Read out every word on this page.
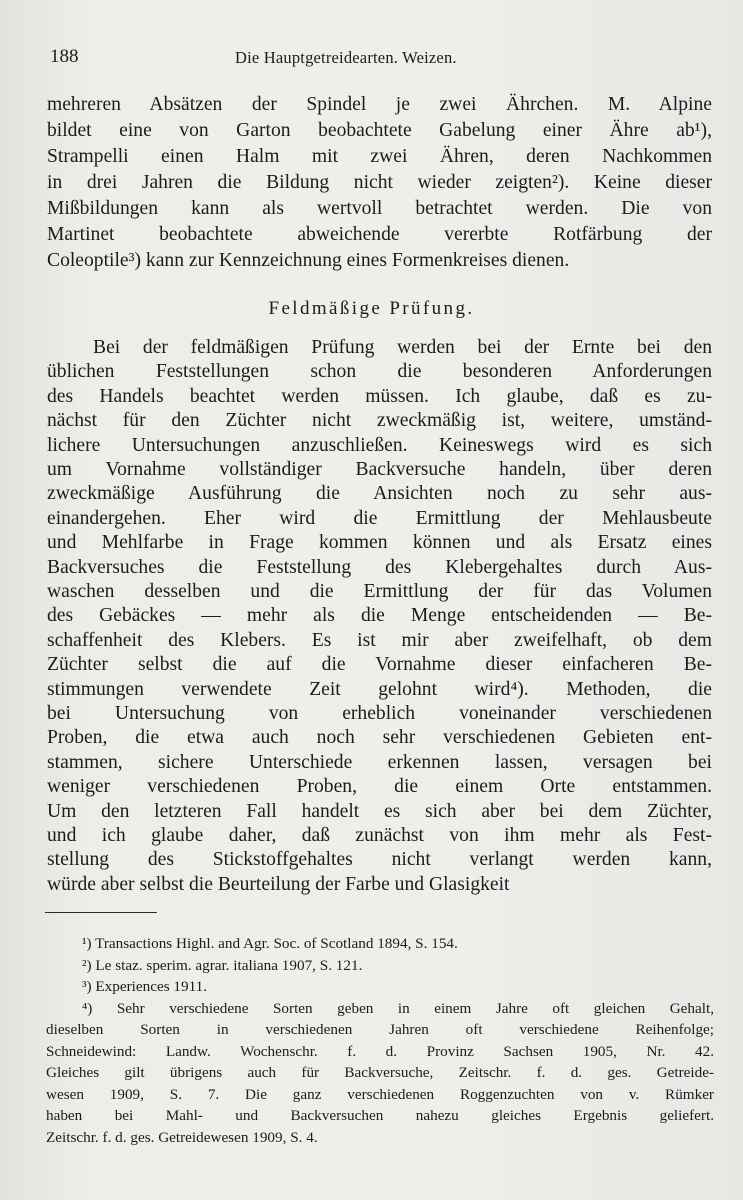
188	Die Hauptgetreidearten. Weizen.
mehreren Absätzen der Spindel je zwei Ährchen. M. Alpine
bildet eine von Garton beobachtete Gabelung einer Ähre ab¹),
Strampelli einen Halm mit zwei Ähren, deren Nachkommen
in drei Jahren die Bildung nicht wieder zeigten²). Keine dieser
Mißbildungen kann als wertvoll betrachtet werden. Die von
Martinet beobachtete abweichende vererbte Rotfärbung der
Coleoptile³) kann zur Kennzeichnung eines Formenkreises dienen.
Feldmäßige Prüfung.
Bei der feldmäßigen Prüfung werden bei der Ernte bei den
üblichen Feststellungen schon die besonderen Anforderungen
des Handels beachtet werden müssen. Ich glaube, daß es zu-
nächst für den Züchter nicht zweckmäßig ist, weitere, umständ-
lichere Untersuchungen anzuschließen. Keineswegs wird es sich
um Vornahme vollständiger Backversuche handeln, über deren
zweckmäßige Ausführung die Ansichten noch zu sehr aus-
einandergehen. Eher wird die Ermittlung der Mehlausbeute
und Mehlfarbe in Frage kommen können und als Ersatz eines
Backversuches die Feststellung des Klebergehaltes durch Aus-
waschen desselben und die Ermittlung der für das Volumen
des Gebäckes — mehr als die Menge entscheidenden — Be-
schaffenheit des Klebers. Es ist mir aber zweifelhaft, ob dem
Züchter selbst die auf die Vornahme dieser einfacheren Be-
stimmungen verwendete Zeit gelohnt wird⁴). Methoden, die
bei Untersuchung von erheblich voneinander verschiedenen
Proben, die etwa auch noch sehr verschiedenen Gebieten ent-
stammen, sichere Unterschiede erkennen lassen, versagen bei
weniger verschiedenen Proben, die einem Orte entstammen.
Um den letzteren Fall handelt es sich aber bei dem Züchter,
und ich glaube daher, daß zunächst von ihm mehr als Fest-
stellung des Stickstoffgehaltes nicht verlangt werden kann,
würde aber selbst die Beurteilung der Farbe und Glasigkeit
¹) Transactions Highl. and Agr. Soc. of Scotland 1894, S. 154.
²) Le staz. sperim. agrar. italiana 1907, S. 121.
³) Experiences 1911.
⁴) Sehr verschiedene Sorten geben in einem Jahre oft gleichen Gehalt,
dieselben Sorten in verschiedenen Jahren oft verschiedene Reihenfolge;
Schneidewind: Landw. Wochenschr. f. d. Provinz Sachsen 1905, Nr. 42.
Gleiches gilt übrigens auch für Backversuche, Zeitschr. f. d. ges. Getreide-
wesen 1909, S. 7. Die ganz verschiedenen Roggenzuchten von v. Rümker
haben bei Mahl- und Backversuchen nahezu gleiches Ergebnis geliefert.
Zeitschr. f. d. ges. Getreidewesen 1909, S. 4.
